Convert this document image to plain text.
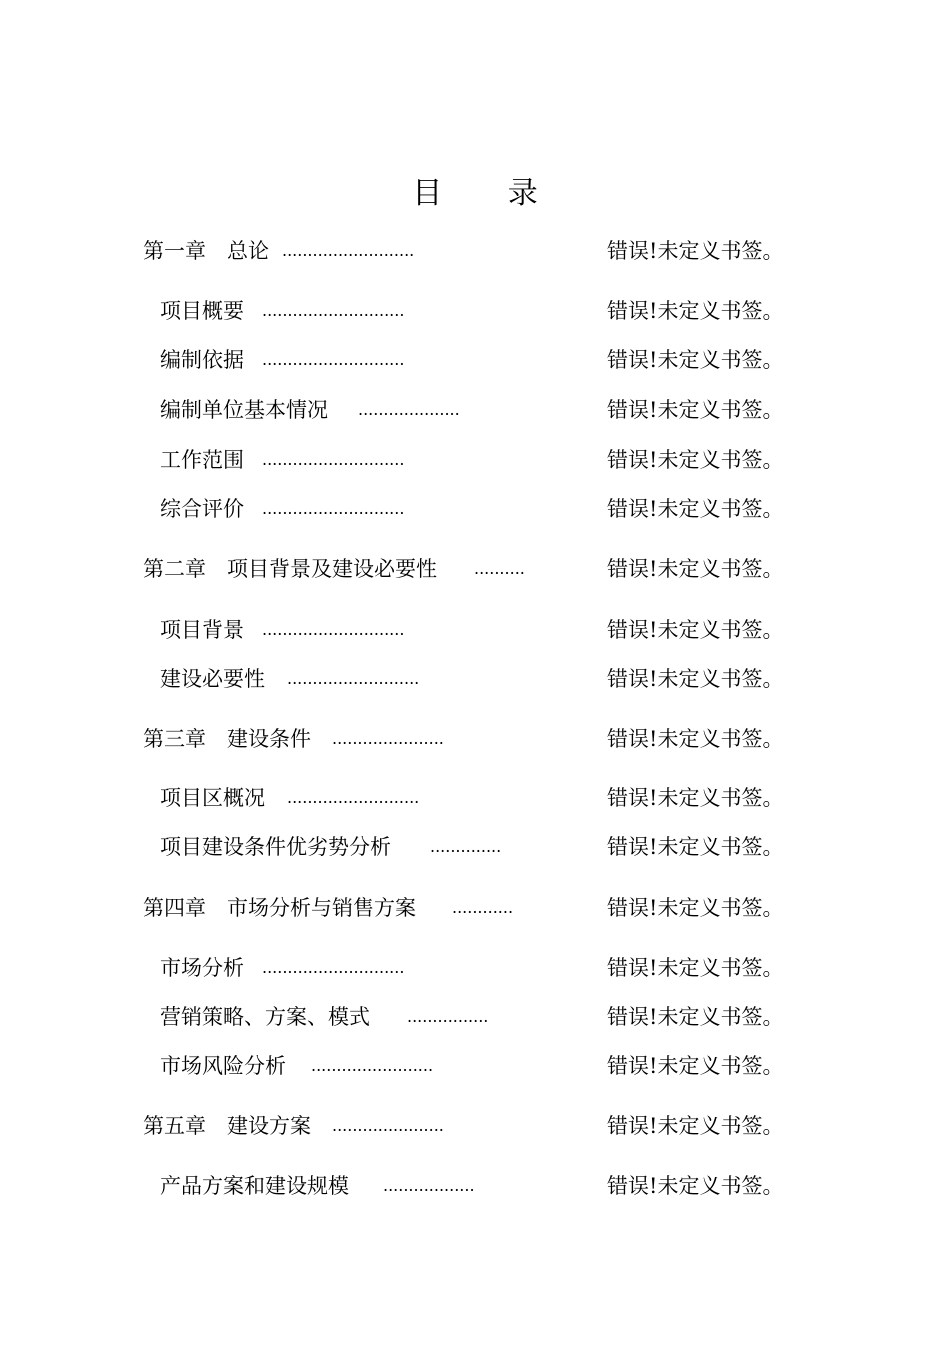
目 录
第一章　总论 ..........................	错误!未定义书签。
项目概要 ............................	错误!未定义书签。
编制依据 ............................	错误!未定义书签。
编制单位基本情况 ....................	错误!未定义书签。
工作范围 ............................	错误!未定义书签。
综合评价 ............................	错误!未定义书签。
第二章　项目背景及建设必要性 ..........	错误!未定义书签。
项目背景 ............................	错误!未定义书签。
建设必要性 ..........................	错误!未定义书签。
第三章　建设条件 ......................	错误!未定义书签。
项目区概况 ..........................	错误!未定义书签。
项目建设条件优劣势分析 ..............	错误!未定义书签。
第四章　市场分析与销售方案 ............	错误!未定义书签。
市场分析 ............................	错误!未定义书签。
营销策略、方案、模式 ................	错误!未定义书签。
市场风险分析 ........................	错误!未定义书签。
第五章　建设方案 ......................	错误!未定义书签。
产品方案和建设规模 ..................	错误!未定义书签。
